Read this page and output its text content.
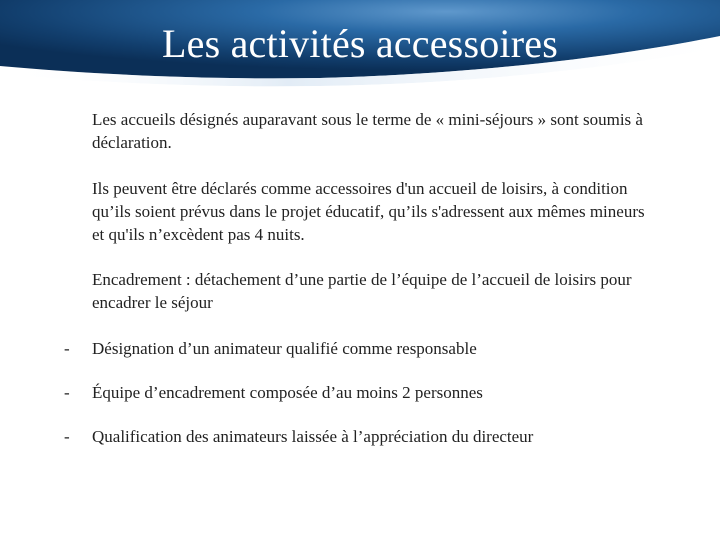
Les activités accessoires
Les accueils désignés auparavant sous le terme de « mini-séjours » sont soumis à déclaration.
Ils peuvent être déclarés comme accessoires d'un accueil de loisirs, à condition qu’ils soient prévus dans le projet éducatif, qu’ils s'adressent aux mêmes mineurs et qu'ils n’excèdent pas 4 nuits.
Encadrement : détachement d’une partie de l’équipe de l’accueil de loisirs pour encadrer le séjour
- Désignation d’un animateur qualifié comme responsable
- Équipe d’encadrement composée d’au moins 2 personnes
- Qualification des animateurs laissée à l’appréciation du directeur
